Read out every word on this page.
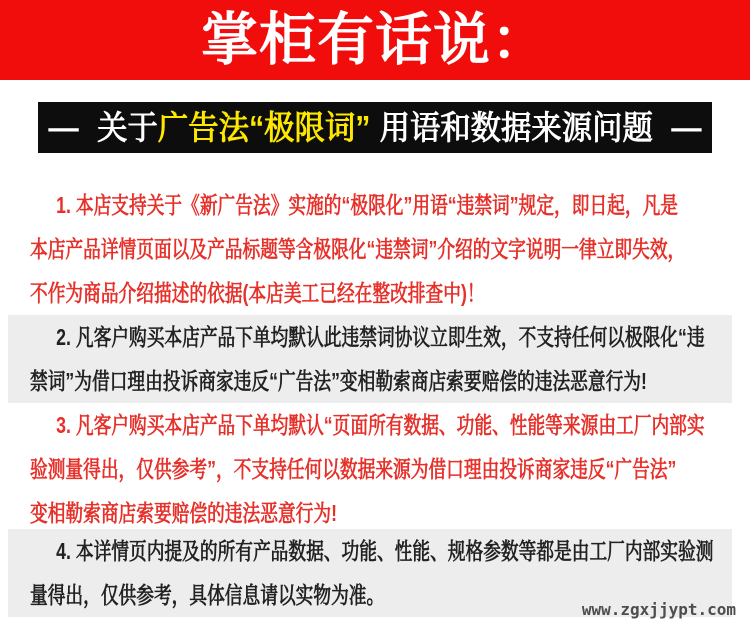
掌柜有话说：
— 关于广告法“极限词” 用语和数据来源问题 —
1. 本店支持关于《新广告法》实施的“极限化”用语“违禁词”规定，即日起，凡是
本店产品详情页面以及产品标题等含极限化“违禁词”介绍的文字说明一律立即失效，
不作为商品介绍描述的依据(本店美工已经在整改排查中)！
2. 凡客户购买本店产品下单均默认此违禁词协议立即生效，不支持任何以极限化“违
禁词”为借口理由投诉商家违反“广告法”变相勒索商店索要赔偿的违法恶意行为!
3. 凡客户购买本店产品下单均默认“页面所有数据、功能、性能等来源由工厂内部实
验测量得出，仅供参考”，不支持任何以数据来源为借口理由投诉商家违反“广告法”
变相勒索商店索要赔偿的违法恶意行为!
4. 本详情页内提及的所有产品数据、功能、性能、规格参数等都是由工厂内部实验测
量得出，仅供参考，具体信息请以实物为准。
www.zgxjjypt.com
